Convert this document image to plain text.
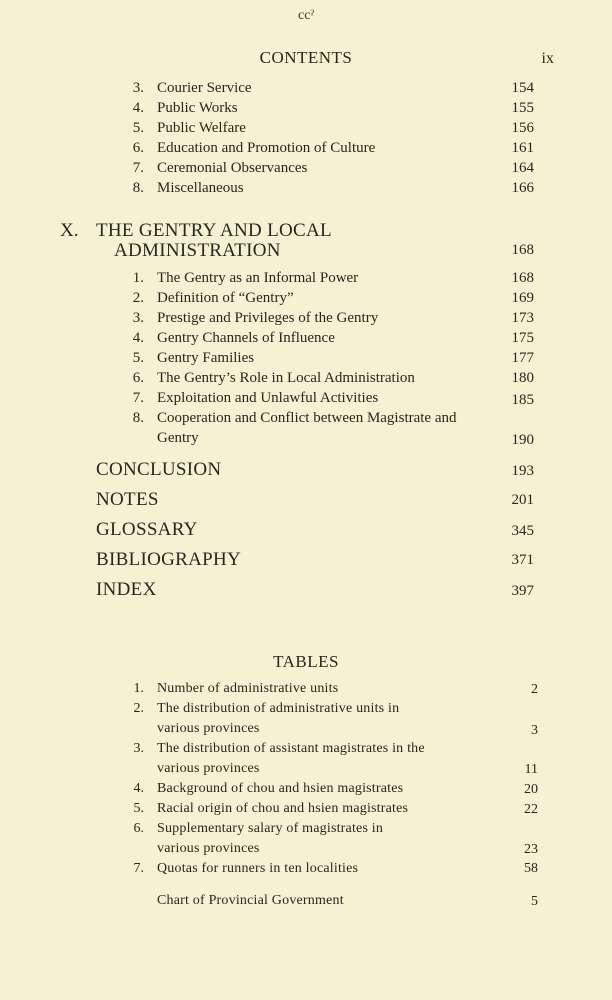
ccˀ
CONTENTS	ix
3. Courier Service	154
4. Public Works	155
5. Public Welfare	156
6. Education and Promotion of Culture	161
7. Ceremonial Observances	164
8. Miscellaneous	166
X. THE GENTRY AND LOCAL
ADMINISTRATION	168
1. The Gentry as an Informal Power	168
2. Definition of “Gentry”	169
3. Prestige and Privileges of the Gentry	173
4. Gentry Channels of Influence	175
5. Gentry Families	177
6. The Gentry’s Role in Local Administration	180
7. Exploitation and Unlawful Activities	185
8. Cooperation and Conflict between Magistrate and
Gentry	190
CONCLUSION	193
NOTES	201
GLOSSARY	345
BIBLIOGRAPHY	371
INDEX	397
TABLES
1. Number of administrative units	2
2. The distribution of administrative units in
various provinces	3
3. The distribution of assistant magistrates in the
various provinces	11
4. Background of chou and hsien magistrates	20
5. Racial origin of chou and hsien magistrates	22
6. Supplementary salary of magistrates in
various provinces	23
7. Quotas for runners in ten localities	58
Chart of Provincial Government	5
